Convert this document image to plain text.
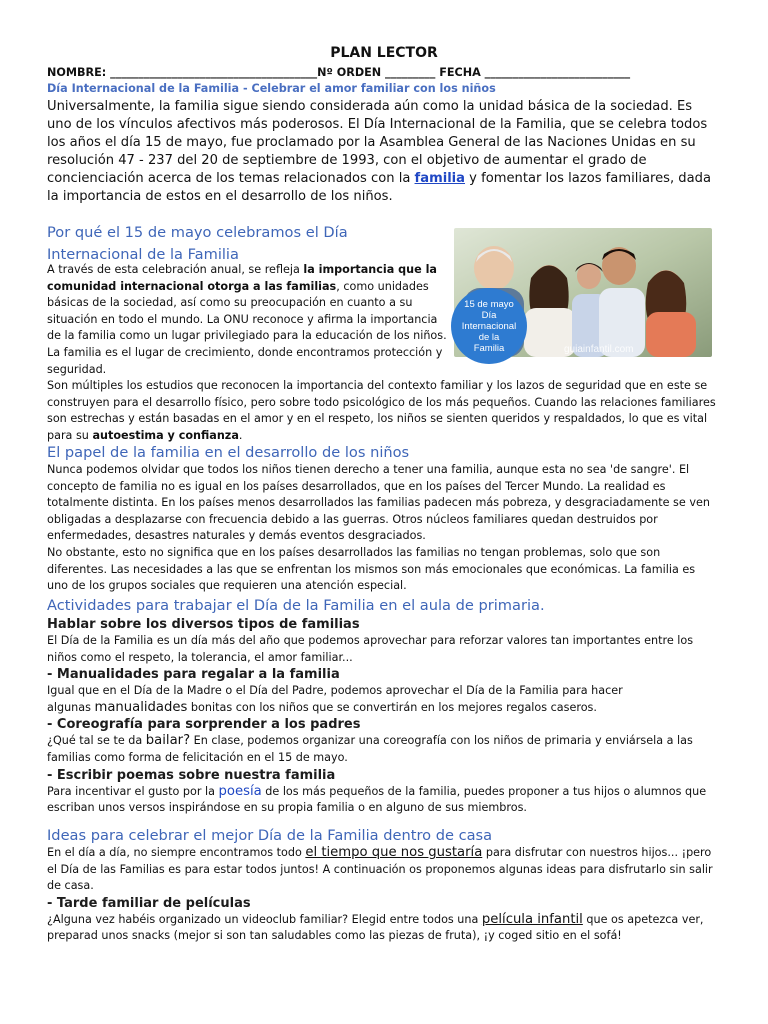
PLAN LECTOR

NOMBRE: _____________________________________Nº ORDEN _________ FECHA __________________________

Día Internacional de la Familia - Celebrar el amor familiar con los niños

Universalmente, la familia sigue siendo considerada aún como la unidad básica de la sociedad. Es uno de los vínculos afectivos más poderosos. El Día Internacional de la Familia, que se celebra todos los años el día 15 de mayo, fue proclamado por la Asamblea General de las Naciones Unidas en su resolución 47 - 237 del 20 de septiembre de 1993, con el objetivo de aumentar el grado de concienciación acerca de los temas relacionados con la familia y fomentar los lazos familiares, dada la importancia de estos en el desarrollo de los niños.

Por qué el 15 de mayo celebramos el Día Internacional de la Familia

A través de esta celebración anual, se refleja la importancia que la comunidad internacional otorga a las familias, como unidades básicas de la sociedad, así como su preocupación en cuanto a su situación en todo el mundo. La ONU reconoce y afirma la importancia de la familia como un lugar privilegiado para la educación de los niños. La familia es el lugar de crecimiento, donde encontramos protección y seguridad.

guiainfantil.com
15 de mayo
Día
Internacional
de la
Familia

Son múltiples los estudios que reconocen la importancia del contexto familiar y los lazos de seguridad que en este se construyen para el desarrollo físico, pero sobre todo psicológico de los más pequeños. Cuando las relaciones familiares son estrechas y están basadas en el amor y en el respeto, los niños se sienten queridos y respaldados, lo que es vital para su autoestima y confianza.

El papel de la familia en el desarrollo de los niños

Nunca podemos olvidar que todos los niños tienen derecho a tener una familia, aunque esta no sea 'de sangre'. El concepto de familia no es igual en los países desarrollados, que en los países del Tercer Mundo. La realidad es totalmente distinta. En los países menos desarrollados las familias padecen más pobreza, y desgraciadamente se ven obligadas a desplazarse con frecuencia debido a las guerras. Otros núcleos familiares quedan destruidos por enfermedades, desastres naturales y demás eventos desgraciados.

No obstante, esto no significa que en los países desarrollados las familias no tengan problemas, solo que son diferentes. Las necesidades a las que se enfrentan los mismos son más emocionales que económicas. La familia es uno de los grupos sociales que requieren una atención especial.

Actividades para trabajar el Día de la Familia en el aula de primaria.

Hablar sobre los diversos tipos de familias

El Día de la Familia es un día más del año que podemos aprovechar para reforzar valores tan importantes entre los niños como el respeto, la tolerancia, el amor familiar...

- Manualidades para regalar a la familia

Igual que en el Día de la Madre o el Día del Padre, podemos aprovechar el Día de la Familia para hacer

algunas manualidades bonitas con los niños que se convertirán en los mejores regalos caseros.

- Coreografía para sorprender a los padres

¿Qué tal se te da bailar? En clase, podemos organizar una coreografía con los niños de primaria y enviársela a las familias como forma de felicitación en el 15 de mayo.

- Escribir poemas sobre nuestra familia

Para incentivar el gusto por la poesía de los más pequeños de la familia, puedes proponer a tus hijos o alumnos que escriban unos versos inspirándose en su propia familia o en alguno de sus miembros.

Ideas para celebrar el mejor Día de la Familia dentro de casa

En el día a día, no siempre encontramos todo el tiempo que nos gustaría para disfrutar con nuestros hijos... ¡pero el Día de las Familias es para estar todos juntos! A continuación os proponemos algunas ideas para disfrutarlo sin salir de casa.

- Tarde familiar de películas

¿Alguna vez habéis organizado un videoclub familiar? Elegid entre todos una película infantil que os apetezca ver, preparad unos snacks (mejor si son tan saludables como las piezas de fruta), ¡y coged sitio en el sofá!
